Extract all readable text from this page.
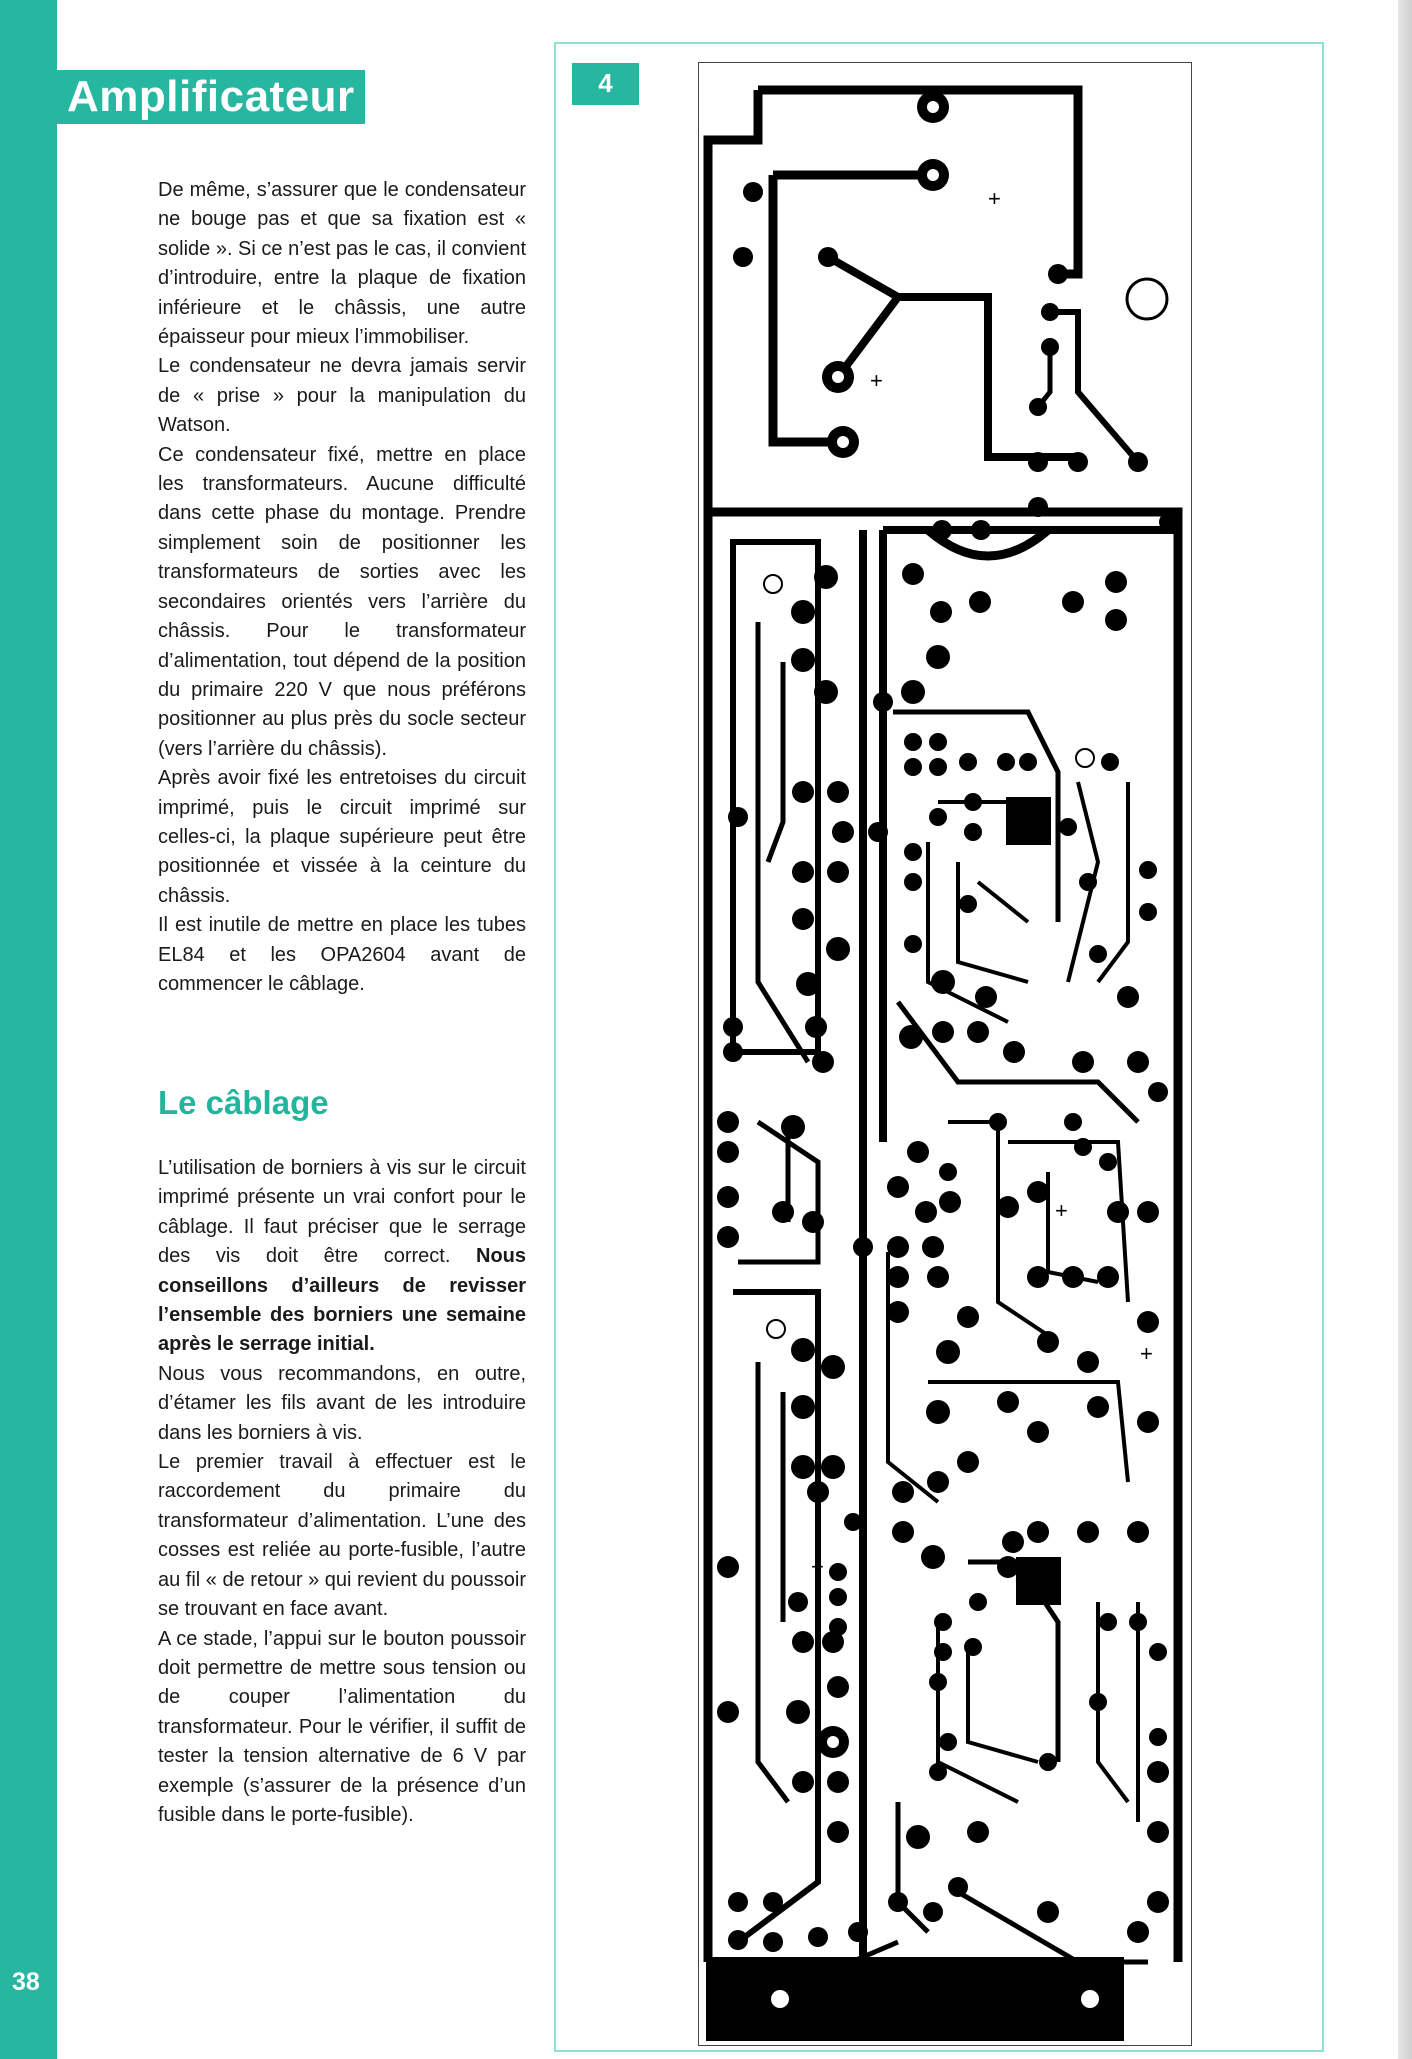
Amplificateur

De même, s’assurer que le condensateur ne bouge pas et que sa fixation est « solide ». Si ce n’est pas le cas, il convient d’introduire, entre la plaque de fixation inférieure et le châssis, une autre épaisseur pour mieux l’immobiliser.

Le condensateur ne devra jamais servir de « prise » pour la manipulation du Watson.

Ce condensateur fixé, mettre en place les transformateurs. Aucune difficulté dans cette phase du montage. Prendre simplement soin de positionner les transformateurs de sorties avec les secondaires orientés vers l’arrière du châssis. Pour le transformateur d’alimentation, tout dépend de la position du primaire 220 V que nous préférons positionner au plus près du socle secteur (vers l’arrière du châssis).

Après avoir fixé les entretoises du circuit imprimé, puis le circuit imprimé sur celles-ci, la plaque supérieure peut être positionnée et vissée à la ceinture du châssis.

Il est inutile de mettre en place les tubes EL84 et les OPA2604 avant de commencer le câblage.

Le câblage

L’utilisation de borniers à vis sur le circuit imprimé présente un vrai confort pour le câblage. Il faut préciser que le serrage des vis doit être correct. Nous conseillons d’ailleurs de revisser l’ensemble des borniers une semaine après le serrage initial.

Nous vous recommandons, en outre, d’étamer les fils avant de les introduire dans les borniers à vis.

Le premier travail à effectuer est le raccordement du primaire du transformateur d’alimentation. L’une des cosses est reliée au porte-fusible, l’autre au fil « de retour » qui revient du poussoir se trouvant en face avant.

A ce stade, l’appui sur le bouton poussoir doit permettre de mettre sous tension ou de couper l’alimentation du transformateur. Pour le vérifier, il suffit de tester la tension alternative de 6 V par exemple (s’assurer de la présence d’un fusible dans le porte-fusible).

38
4
+
+
+
+
+
+
